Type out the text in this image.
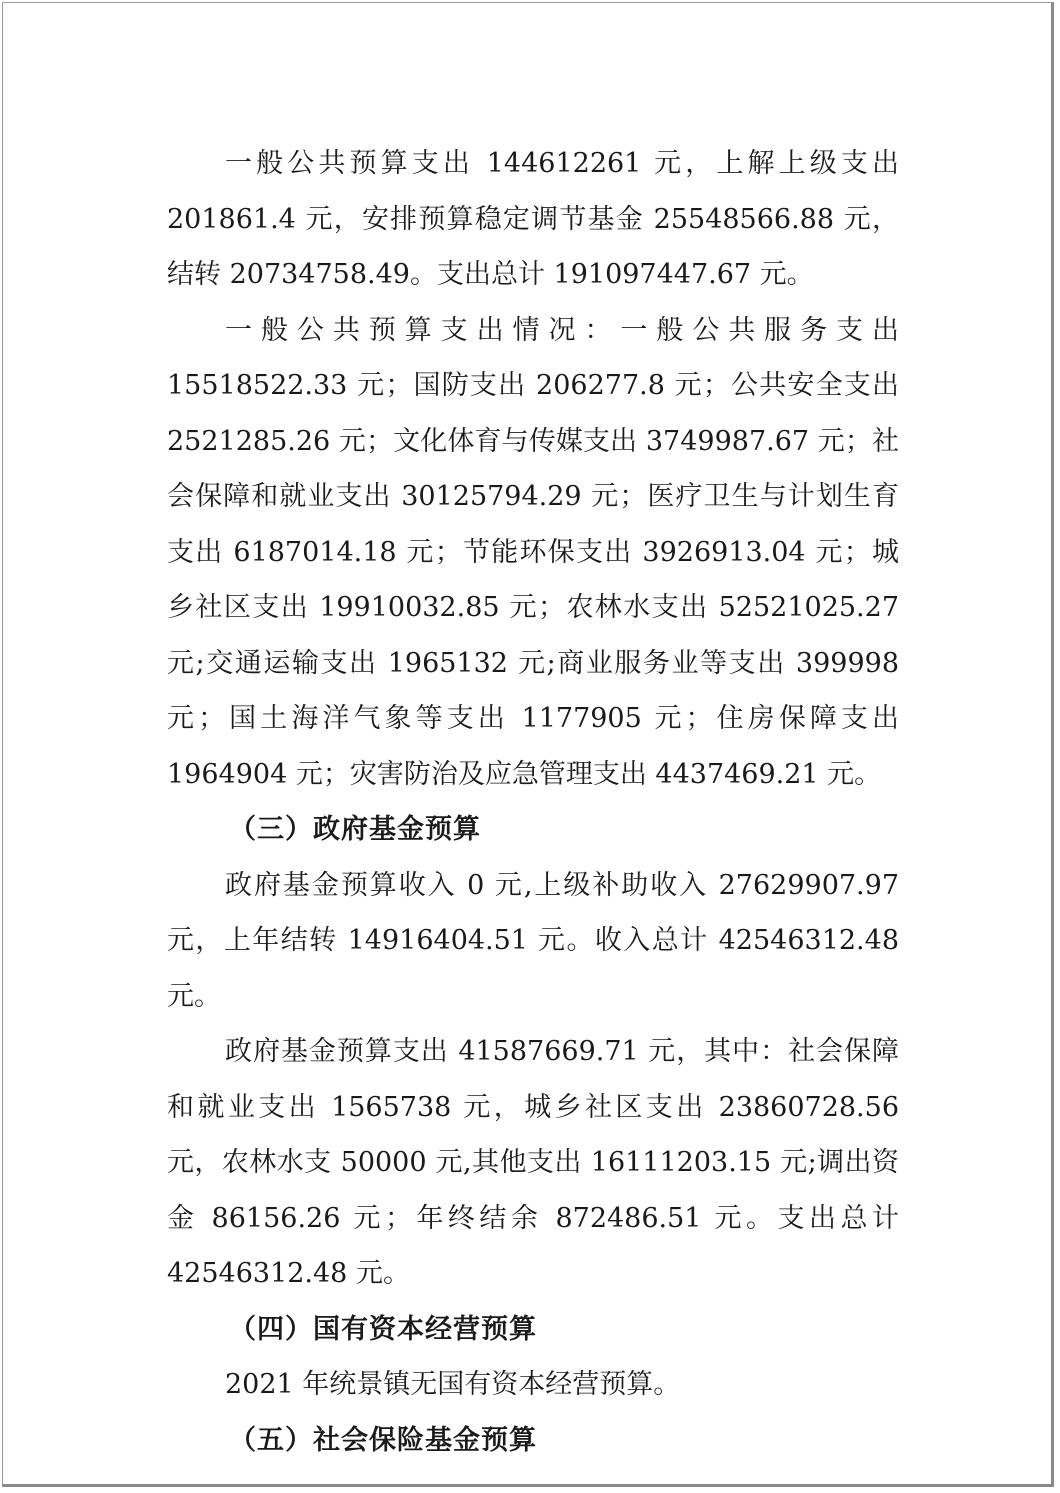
一般公共预算支出 144612261 元，上解上级支出 201861.4 元，安排预算稳定调节基金 25548566.88 元，结转 20734758.49。支出总计 191097447.67 元。

一般公共预算支出情况：一般公共服务支出 15518522.33 元；国防支出 206277.8 元；公共安全支出 2521285.26 元；文化体育与传媒支出 3749987.67 元；社会保障和就业支出 30125794.29 元；医疗卫生与计划生育支出 6187014.18 元；节能环保支出 3926913.04 元；城乡社区支出 19910032.85 元；农林水支出 52521025.27 元;交通运输支出 1965132 元;商业服务业等支出 399998 元；国土海洋气象等支出 1177905 元；住房保障支出 1964904 元；灾害防治及应急管理支出 4437469.21 元。

（三）政府基金预算

政府基金预算收入 0 元,上级补助收入 27629907.97 元，上年结转 14916404.51 元。收入总计 42546312.48 元。

政府基金预算支出 41587669.71 元，其中：社会保障和就业支出 1565738 元，城乡社区支出 23860728.56 元，农林水支 50000 元,其他支出 16111203.15 元;调出资金 86156.26 元；年终结余 872486.51 元。支出总计 42546312.48 元。

（四）国有资本经营预算

2021 年统景镇无国有资本经营预算。

（五）社会保险基金预算
